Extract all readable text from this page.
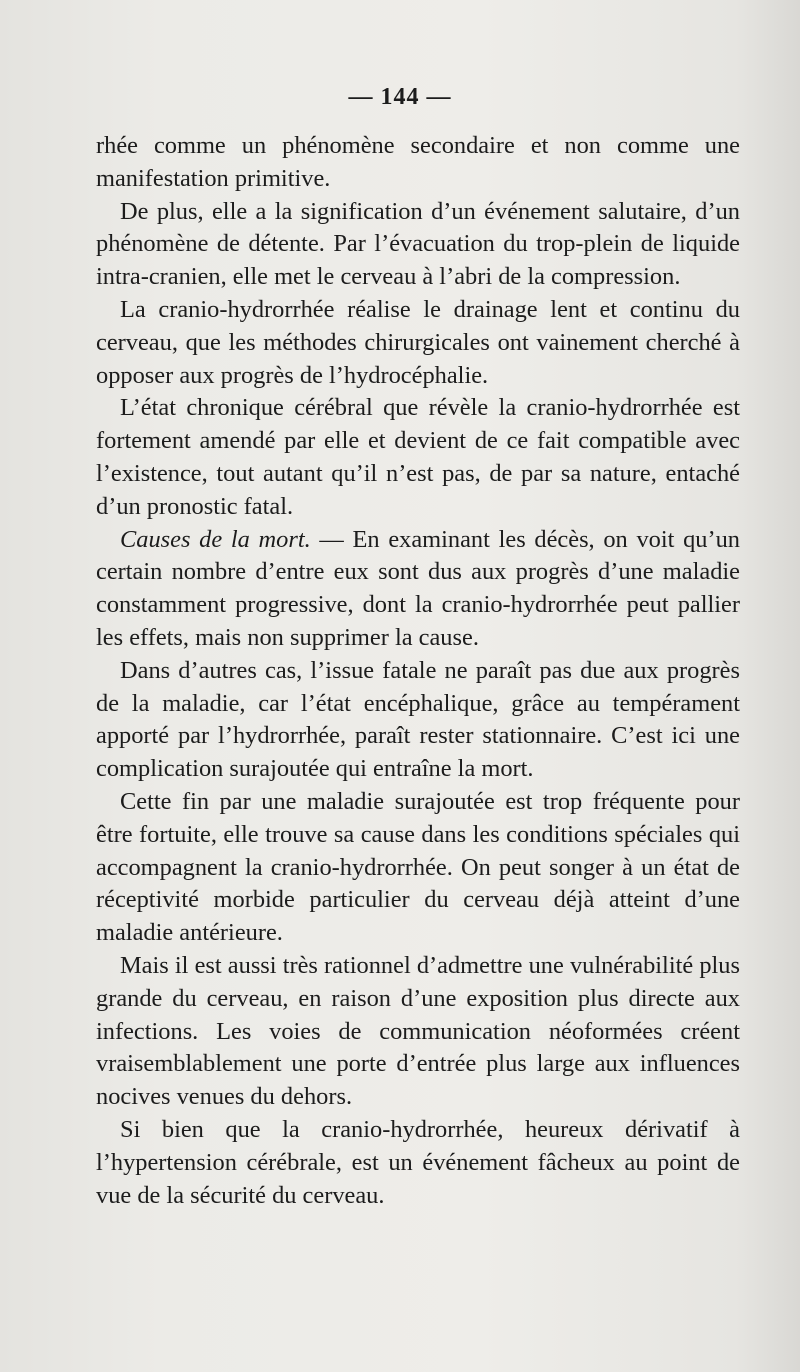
— 144 —

rhée comme un phénomène secondaire et non comme une manifestation primitive.

De plus, elle a la signification d’un événement salutaire, d’un phénomène de détente. Par l’évacuation du trop-plein de liquide intra-cranien, elle met le cerveau à l’abri de la compression.

La cranio-hydrorrhée réalise le drainage lent et continu du cerveau, que les méthodes chirurgicales ont vainement cherché à opposer aux progrès de l’hydrocéphalie.

L’état chronique cérébral que révèle la cranio-hydrorrhée est fortement amendé par elle et devient de ce fait compatible avec l’existence, tout autant qu’il n’est pas, de par sa nature, entaché d’un pronostic fatal.

Causes de la mort. — En examinant les décès, on voit qu’un certain nombre d’entre eux sont dus aux progrès d’une maladie constamment progressive, dont la cranio-hydrorrhée peut pallier les effets, mais non supprimer la cause.

Dans d’autres cas, l’issue fatale ne paraît pas due aux progrès de la maladie, car l’état encéphalique, grâce au tempérament apporté par l’hydrorrhée, paraît rester stationnaire. C’est ici une complication surajoutée qui entraîne la mort.

Cette fin par une maladie surajoutée est trop fréquente pour être fortuite, elle trouve sa cause dans les conditions spéciales qui accompagnent la cranio-hydrorrhée. On peut songer à un état de réceptivité morbide particulier du cerveau déjà atteint d’une maladie antérieure.

Mais il est aussi très rationnel d’admettre une vulnérabilité plus grande du cerveau, en raison d’une exposition plus directe aux infections. Les voies de communication néoformées créent vraisemblablement une porte d’entrée plus large aux influences nocives venues du dehors.

Si bien que la cranio-hydrorrhée, heureux dérivatif à l’hypertension cérébrale, est un événement fâcheux au point de vue de la sécurité du cerveau.
